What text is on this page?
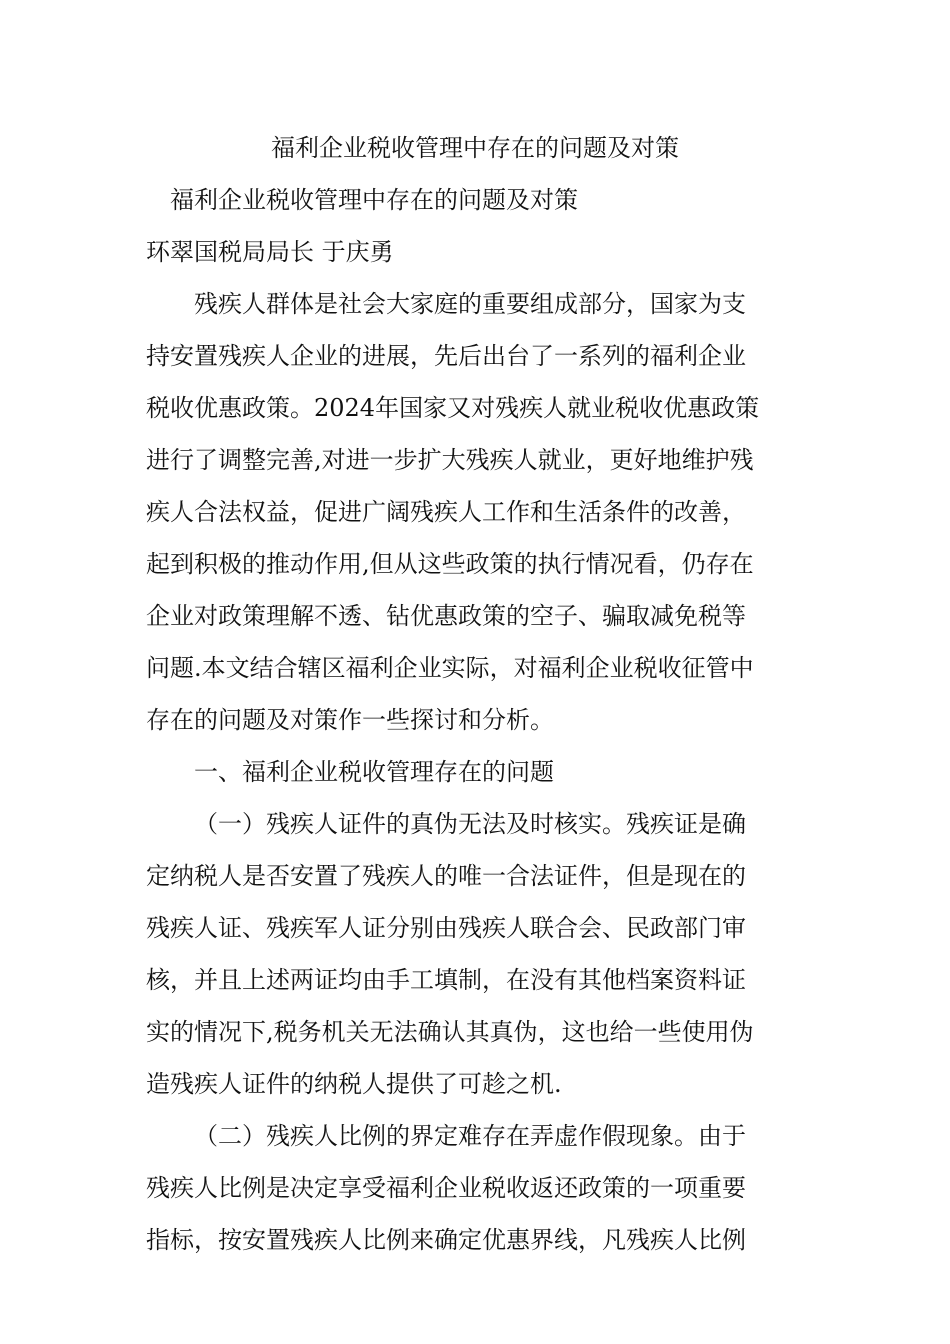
福利企业税收管理中存在的问题及对策
福利企业税收管理中存在的问题及对策
环翠国税局局长 于庆勇
残疾人群体是社会大家庭的重要组成部分，国家为支
持安置残疾人企业的进展，先后出台了一系列的福利企业
税收优惠政策。2024年国家又对残疾人就业税收优惠政策
进行了调整完善,对进一步扩大残疾人就业，更好地维护残
疾人合法权益，促进广阔残疾人工作和生活条件的改善，
起到积极的推动作用,但从这些政策的执行情况看，仍存在
企业对政策理解不透、钻优惠政策的空子、骗取减免税等
问题.本文结合辖区福利企业实际，对福利企业税收征管中
存在的问题及对策作一些探讨和分析。
一、福利企业税收管理存在的问题
（一）残疾人证件的真伪无法及时核实。残疾证是确
定纳税人是否安置了残疾人的唯一合法证件，但是现在的
残疾人证、残疾军人证分别由残疾人联合会、民政部门审
核，并且上述两证均由手工填制，在没有其他档案资料证
实的情况下,税务机关无法确认其真伪，这也给一些使用伪
造残疾人证件的纳税人提供了可趁之机.
（二）残疾人比例的界定难存在弄虚作假现象。由于
残疾人比例是决定享受福利企业税收返还政策的一项重要
指标，按安置残疾人比例来确定优惠界线，凡残疾人比例
